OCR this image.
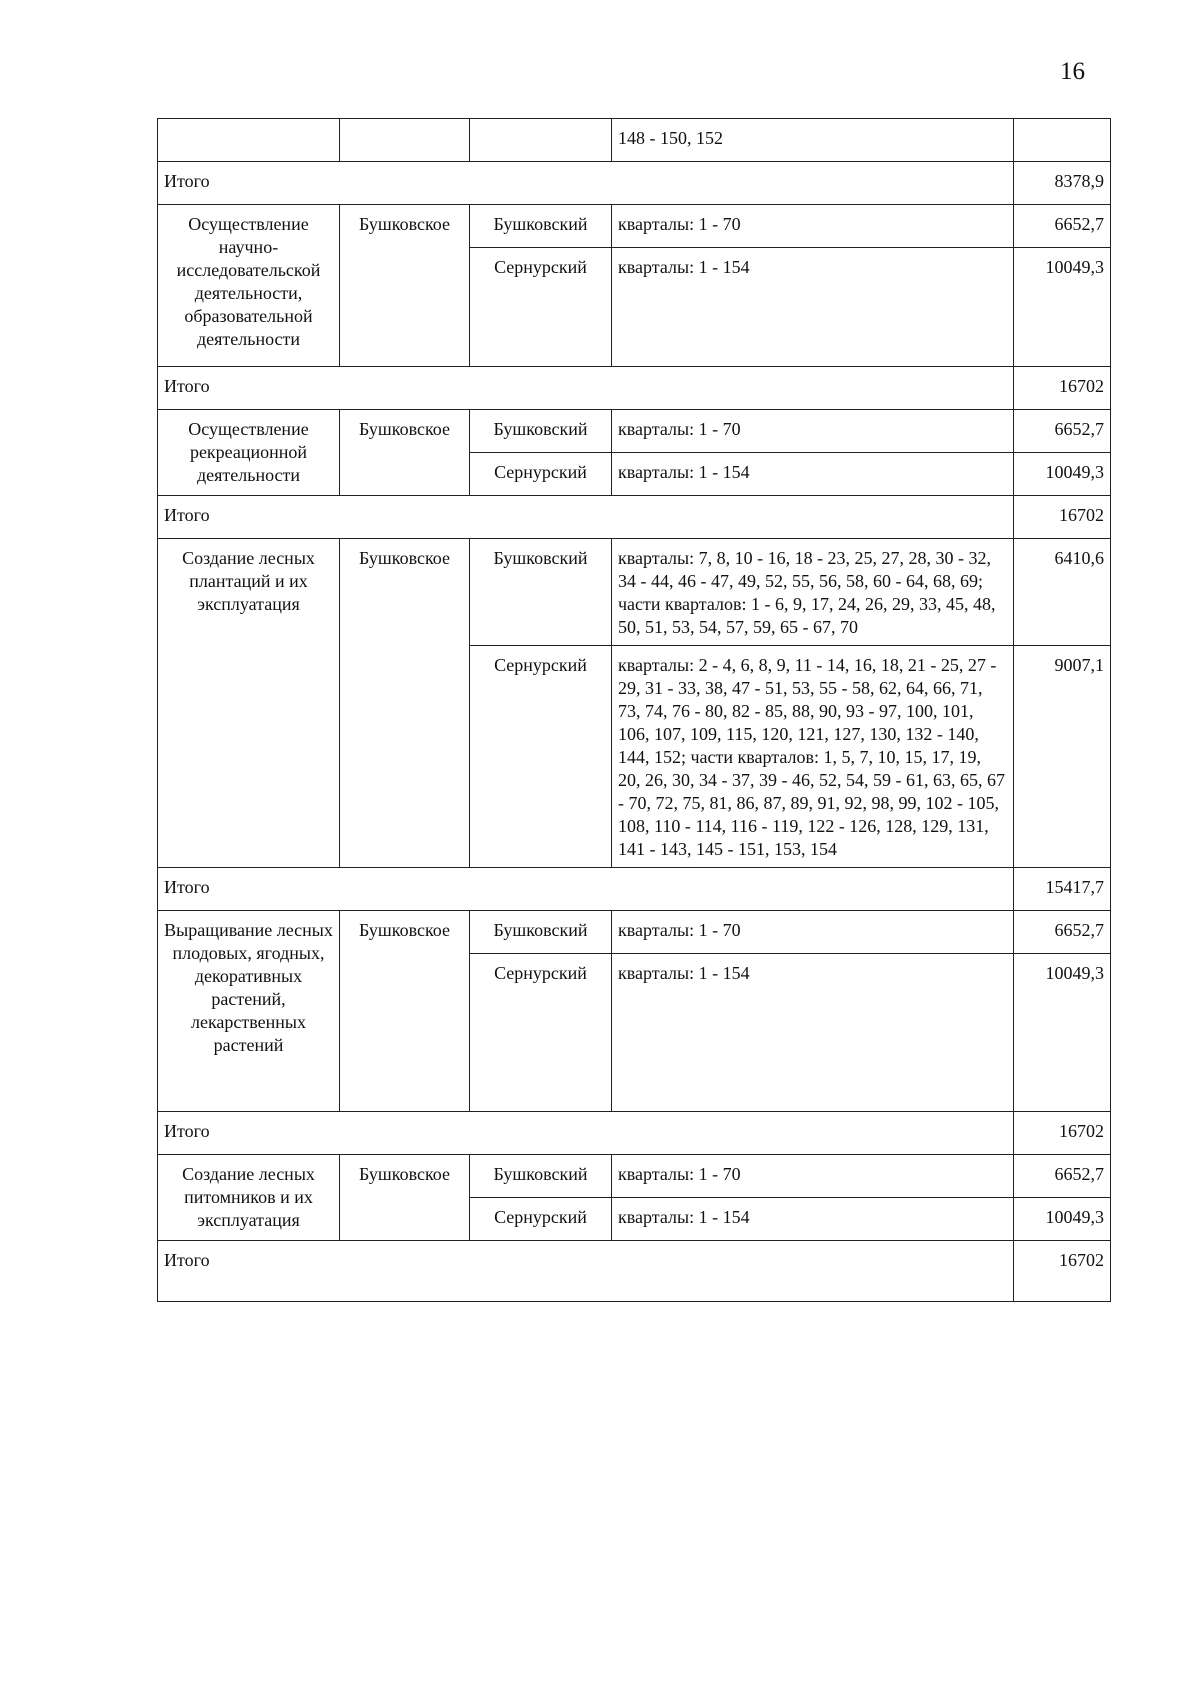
16
			148 - 150, 152	
Итого				8378,9
Осуществление научно-исследовательской деятельности, образовательной деятельности	Бушковское	Бушковский	кварталы: 1 - 70	6652,7
		Сернурский	кварталы: 1 - 154	10049,3
Итого				16702
Осуществление рекреационной деятельности	Бушковское	Бушковский	кварталы: 1 - 70	6652,7
		Сернурский	кварталы: 1 - 154	10049,3
Итого				16702
Создание лесных плантаций и их эксплуатация	Бушковское	Бушковский	кварталы: 7, 8, 10 - 16, 18 - 23, 25, 27, 28, 30 - 32, 34 - 44, 46 - 47, 49, 52, 55, 56, 58, 60 - 64, 68, 69; части кварталов: 1 - 6, 9, 17, 24, 26, 29, 33, 45, 48, 50, 51, 53, 54, 57, 59, 65 - 67, 70	6410,6
		Сернурский	кварталы: 2 - 4, 6, 8, 9, 11 - 14, 16, 18, 21 - 25, 27 - 29, 31 - 33, 38, 47 - 51, 53, 55 - 58, 62, 64, 66, 71, 73, 74, 76 - 80, 82 - 85, 88, 90, 93 - 97, 100, 101, 106, 107, 109, 115, 120, 121, 127, 130, 132 - 140, 144, 152; части кварталов: 1, 5, 7, 10, 15, 17, 19, 20, 26, 30, 34 - 37, 39 - 46, 52, 54, 59 - 61, 63, 65, 67 - 70, 72, 75, 81, 86, 87, 89, 91, 92, 98, 99, 102 - 105, 108, 110 - 114, 116 - 119, 122 - 126, 128, 129, 131, 141 - 143, 145 - 151, 153, 154	9007,1
Итого				15417,7
Выращивание лесных плодовых, ягодных, декоративных растений, лекарственных растений	Бушковское	Бушковский	кварталы: 1 - 70	6652,7
		Сернурский	кварталы: 1 - 154	10049,3
Итого				16702
Создание лесных питомников и их эксплуатация	Бушковское	Бушковский	кварталы: 1 - 70	6652,7
		Сернурский	кварталы: 1 - 154	10049,3
Итого				16702
